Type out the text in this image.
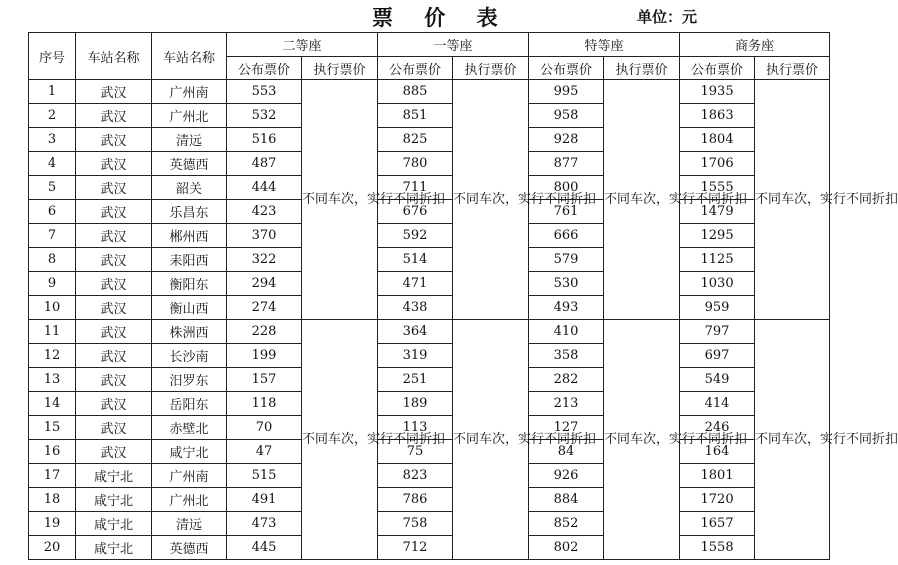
票 价 表	单位：元
序号	车站名称	车站名称	二等座		一等座		特等座		商务座	
			公布票价	执行票价	公布票价	执行票价	公布票价	执行票价	公布票价	执行票价
1	武汉	广州南	553	不同车次，实行不同折扣	885	不同车次，实行不同折扣	995	不同车次，实行不同折扣	1935	不同车次，实行不同折扣
2	武汉	广州北	532		851		958		1863	
3	武汉	清远	516		825		928		1804	
4	武汉	英德西	487		780		877		1706	
5	武汉	韶关	444		711		800		1555	
6	武汉	乐昌东	423		676		761		1479	
7	武汉	郴州西	370		592		666		1295	
8	武汉	耒阳西	322		514		579		1125	
9	武汉	衡阳东	294		471		530		1030	
10	武汉	衡山西	274		438		493		959	
11	武汉	株洲西	228	不同车次，实行不同折扣	364	不同车次，实行不同折扣	410	不同车次，实行不同折扣	797	不同车次，实行不同折扣
12	武汉	长沙南	199		319		358		697	
13	武汉	汨罗东	157		251		282		549	
14	武汉	岳阳东	118		189		213		414	
15	武汉	赤壁北	70		113		127		246	
16	武汉	咸宁北	47		75		84		164	
17	咸宁北	广州南	515		823		926		1801	
18	咸宁北	广州北	491		786		884		1720	
19	咸宁北	清远	473		758		852		1657	
20	咸宁北	英德西	445		712		802		1558	
